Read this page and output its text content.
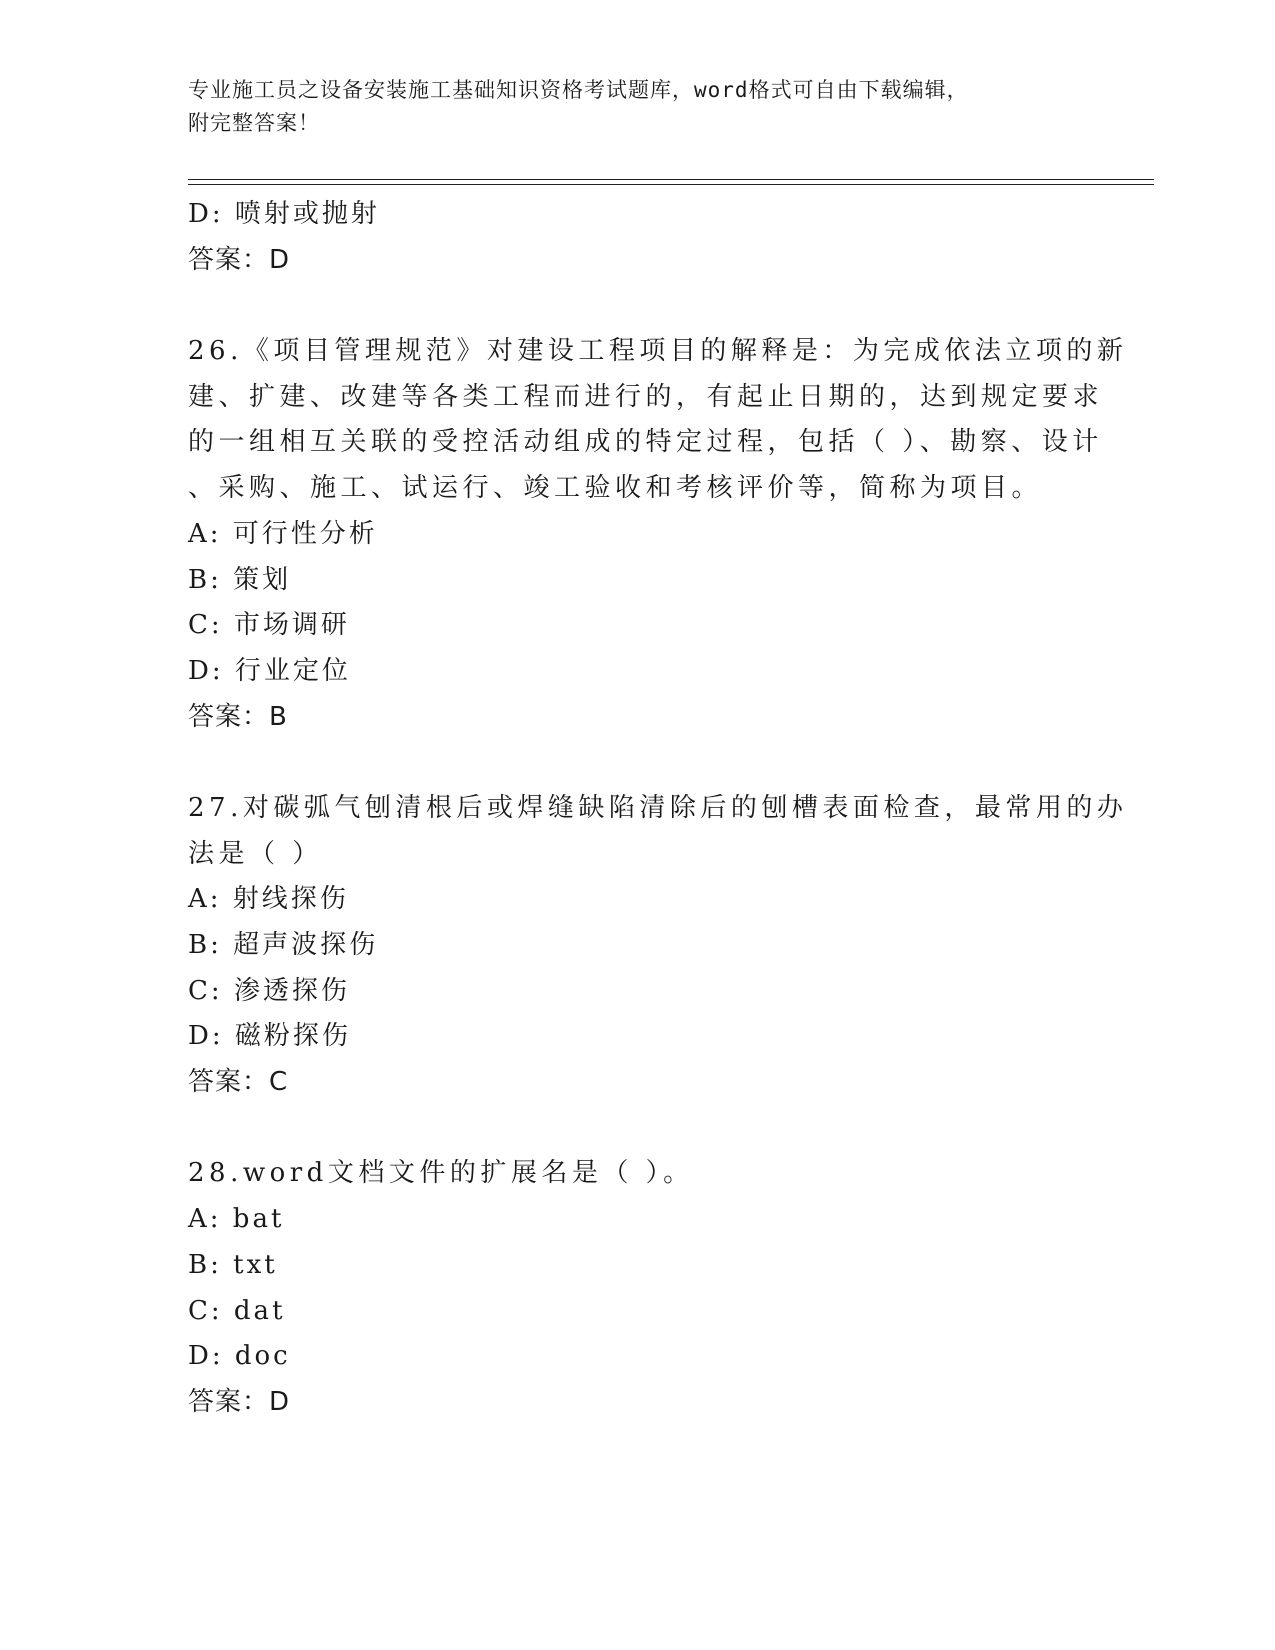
专业施工员之设备安装施工基础知识资格考试题库，word格式可自由下载编辑，
附完整答案！
D: 喷射或抛射
答案：D
26.《项目管理规范》对建设工程项目的解释是：为完成依法立项的新
建、扩建、改建等各类工程而进行的，有起止日期的，达到规定要求
的一组相互关联的受控活动组成的特定过程，包括（ ）、勘察、设计
、采购、施工、试运行、竣工验收和考核评价等，简称为项目。
A: 可行性分析
B: 策划
C: 市场调研
D: 行业定位
答案：B
27.对碳弧气刨清根后或焊缝缺陷清除后的刨槽表面检查，最常用的办
法是（ ）
A: 射线探伤
B: 超声波探伤
C: 渗透探伤
D: 磁粉探伤
答案：C
28.word文档文件的扩展名是（ ）。
A: bat
B: txt
C: dat
D: doc
答案：D
